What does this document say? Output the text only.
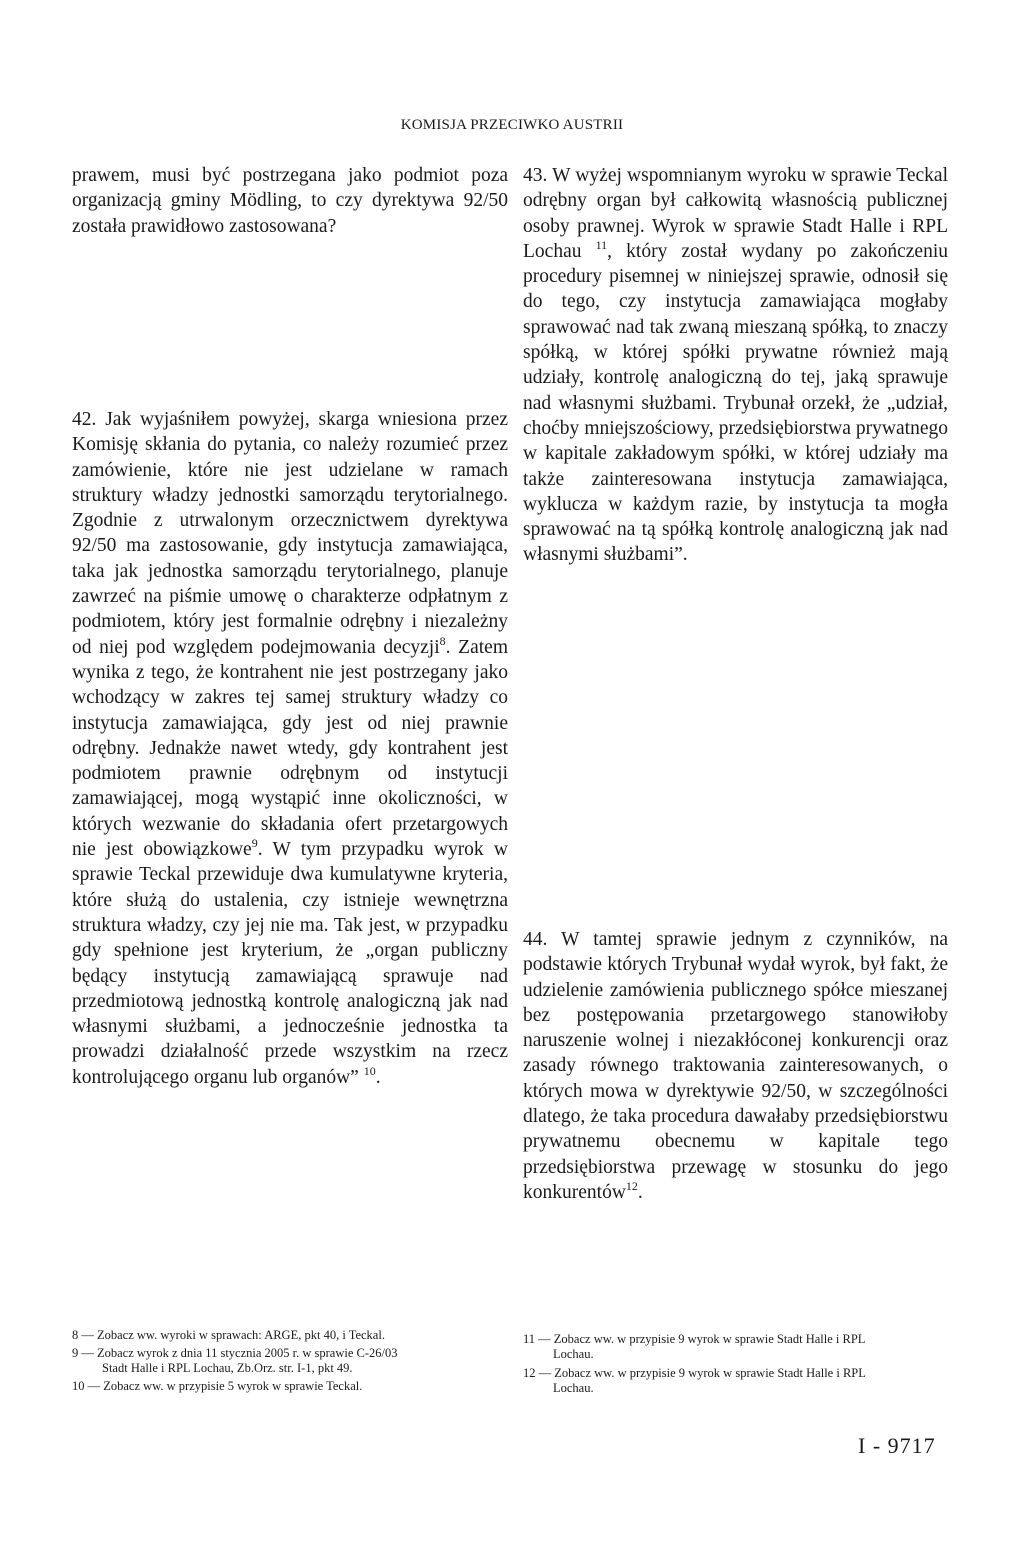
KOMISJA PRZECIWKO AUSTRII

prawem, musi być postrzegana jako podmiot poza organizacją gminy Mödling, to czy dyrektywa 92/50 została prawidłowo zastosowana?

42. Jak wyjaśniłem powyżej, skarga wniesiona przez Komisję skłania do pytania, co należy rozumieć przez zamówienie, które nie jest udzielane w ramach struktury władzy jednostki samorządu terytorialnego. Zgodnie z utrwalonym orzecznictwem dyrektywa 92/50 ma zastosowanie, gdy instytucja zamawiająca, taka jak jednostka samorządu terytorialnego, planuje zawrzeć na piśmie umowę o charakterze odpłatnym z podmiotem, który jest formalnie odrębny i niezależny od niej pod względem podejmowania decyzji$^8$. Zatem wynika z tego, że kontrahent nie jest postrzegany jako wchodzący w zakres tej samej struktury władzy co instytucja zamawiająca, gdy jest od niej prawnie odrębny. Jednakże nawet wtedy, gdy kontrahent jest podmiotem prawnie odrębnym od instytucji zamawiającej, mogą wystąpić inne okoliczności, w których wezwanie do składania ofert przetargowych nie jest obowiązkowe$^9$. W tym przypadku wyrok w sprawie Teckal przewiduje dwa kumulatywne kryteria, które służą do ustalenia, czy istnieje wewnętrzna struktura władzy, czy jej nie ma. Tak jest, w przypadku gdy spełnione jest kryterium, że „organ publiczny będący instytucją zamawiającą sprawuje nad przedmiotową jednostką kontrolę analogiczną jak nad własnymi służbami, a jednocześnie jednostka ta prowadzi działalność przede wszystkim na rzecz kontrolującego organu lub organów” $^{10}$.

43. W wyżej wspomnianym wyroku w sprawie Teckal odrębny organ był całkowitą własnością publicznej osoby prawnej. Wyrok w sprawie Stadt Halle i RPL Lochau $^{11}$, który został wydany po zakończeniu procedury pisemnej w niniejszej sprawie, odnosił się do tego, czy instytucja zamawiająca mogłaby sprawować nad tak zwaną mieszaną spółką, to znaczy spółką, w której spółki prywatne również mają udziały, kontrolę analogiczną do tej, jaką sprawuje nad własnymi służbami. Trybunał orzekł, że „udział, choćby mniejszościowy, przedsiębiorstwa prywatnego w kapitale zakładowym spółki, w której udziały ma także zainteresowana instytucja zamawiająca, wyklucza w każdym razie, by instytucja ta mogła sprawować na tą spółką kontrolę analogiczną jak nad własnymi służbami”.

44. W tamtej sprawie jednym z czynników, na podstawie których Trybunał wydał wyrok, był fakt, że udzielenie zamówienia publicznego spółce mieszanej bez postępowania przetargowego stanowiłoby naruszenie wolnej i niezakłóconej konkurencji oraz zasady równego traktowania zainteresowanych, o których mowa w dyrektywie 92/50, w szczególności dlatego, że taka procedura dawałaby przedsiębiorstwu prywatnemu obecnemu w kapitale tego przedsiębiorstwa przewagę w stosunku do jego konkurentów$^{12}$.

8 — Zobacz ww. wyroki w sprawach: ARGE, pkt 40, i Teckal.

9 — Zobacz wyrok z dnia 11 stycznia 2005 r. w sprawie C-26/03
Stadt Halle i RPL Lochau, Zb.Orz. str. I-1, pkt 49.

10 — Zobacz ww. w przypisie 5 wyrok w sprawie Teckal.

11 — Zobacz ww. w przypisie 9 wyrok w sprawie Stadt Halle i RPL
Lochau.

12 — Zobacz ww. w przypisie 9 wyrok w sprawie Stadt Halle i RPL
Lochau.

I - 9717
